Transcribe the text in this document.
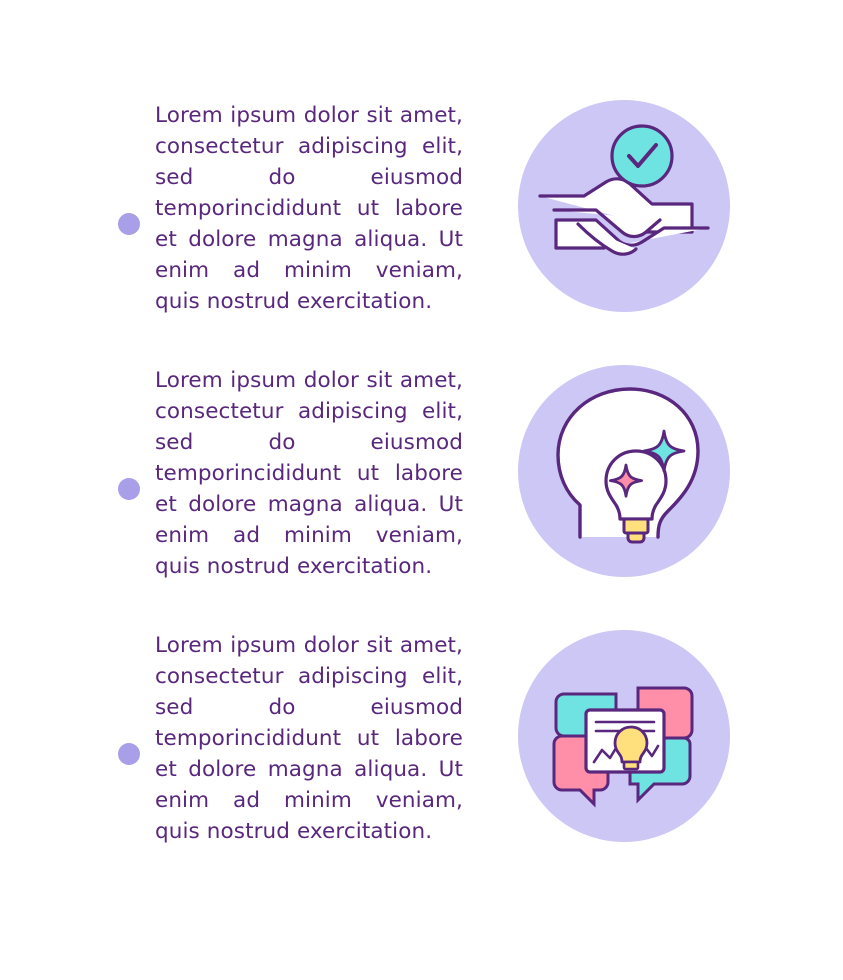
Lorem ipsum dolor sit amet, consectetur adipiscing elit, sed do eiusmod temporincididunt ut labore et dolore magna aliqua. Ut enim ad minim veniam, quis nostrud exercitation.

Lorem ipsum dolor sit amet, consectetur adipiscing elit, sed do eiusmod temporincididunt ut labore et dolore magna aliqua. Ut enim ad minim veniam, quis nostrud exercitation.

Lorem ipsum dolor sit amet, consectetur adipiscing elit, sed do eiusmod temporincididunt ut labore et dolore magna aliqua. Ut enim ad minim veniam, quis nostrud exercitation.
